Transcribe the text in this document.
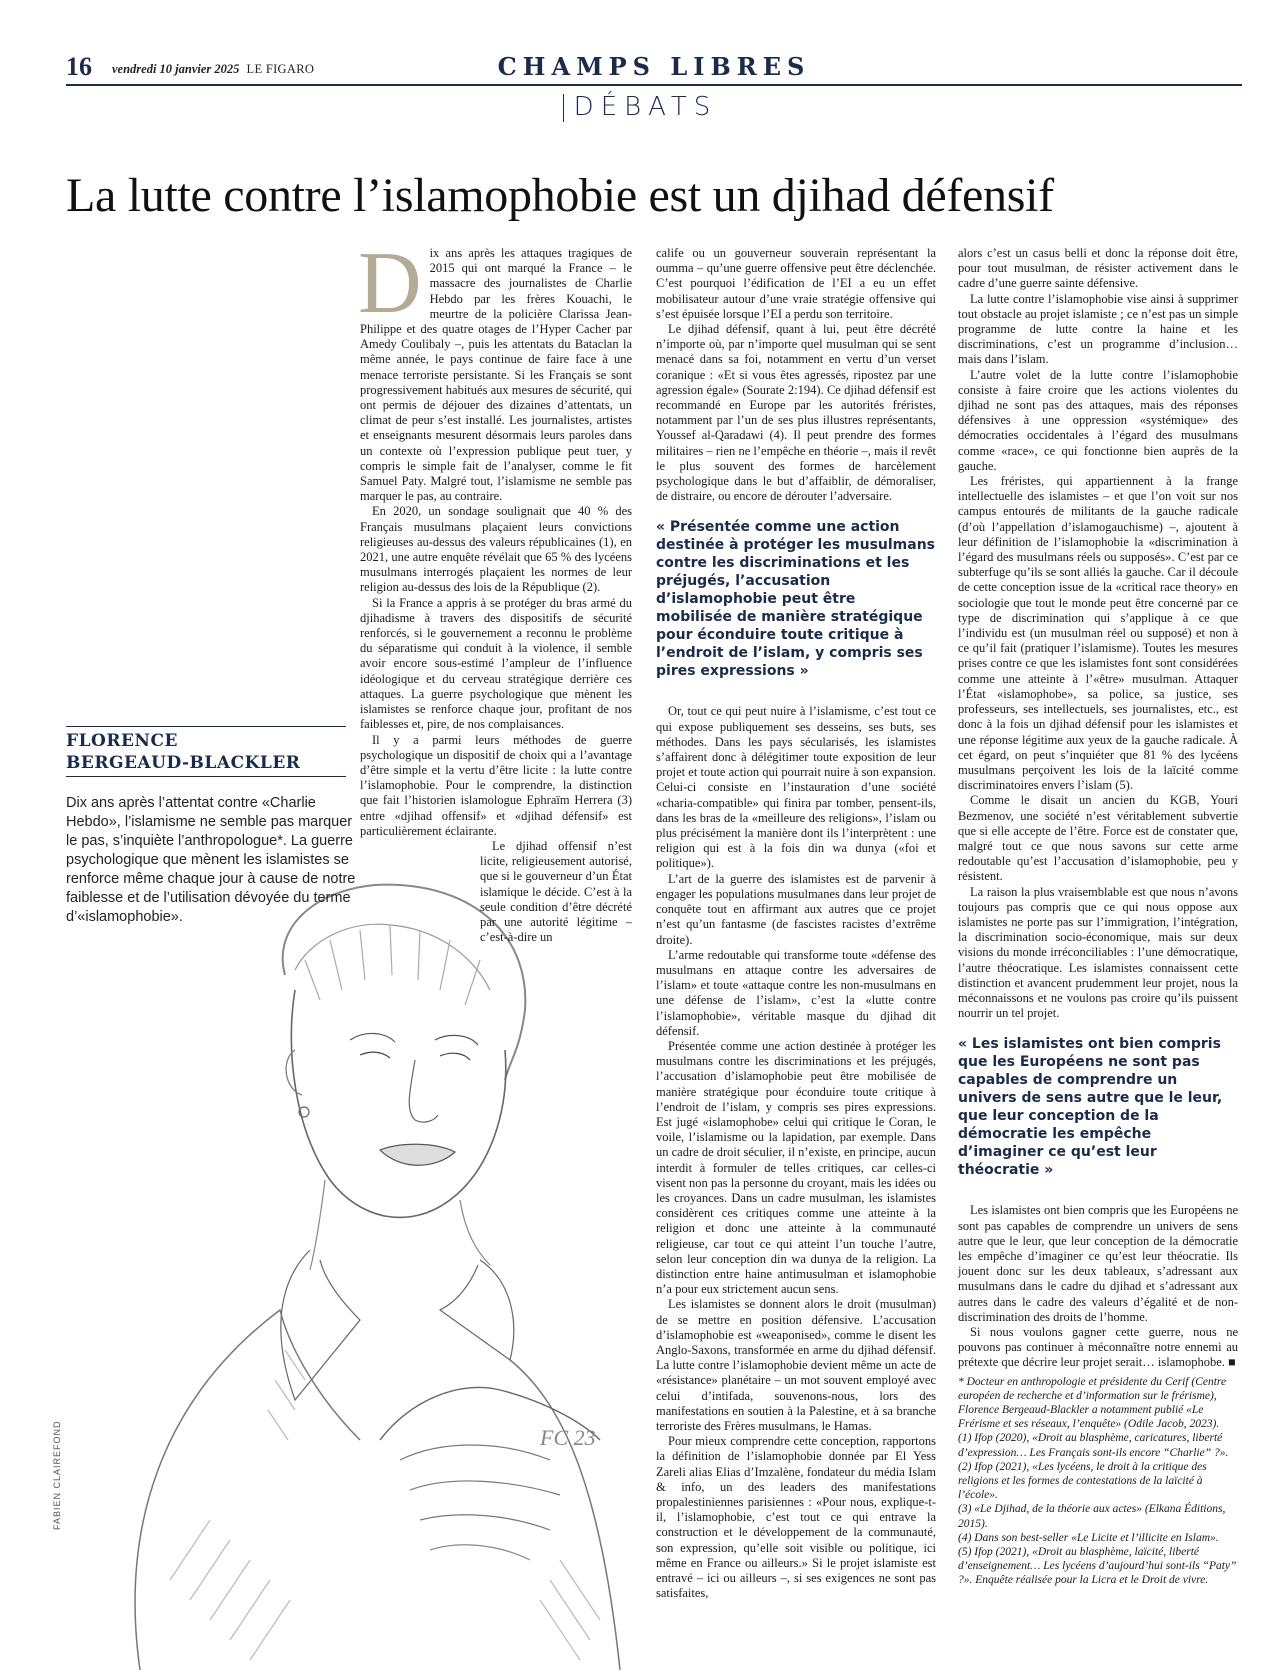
CHAMPS LIBRES
16 vendredi 10 janvier 2025 LE FIGARO
DÉBATS
La lutte contre l’islamophobie est un djihad défensif
FC 23
FABIEN CLAIREFOND
FLORENCE
BERGEAUD-BLACKLER
Dix ans après l’attentat contre «Charlie Hebdo», l’islamisme ne semble pas marquer le pas, s’inquiète l’anthropologue*. La guerre psychologique que mènent les islamistes se renforce même chaque jour à cause de notre faiblesse et de l’utilisation dévoyée du terme d’«islamophobie».

Dix ans après les attaques tragiques de 2015 qui ont marqué la France – le massacre des journalistes de Charlie Hebdo par les frères Kouachi, le meurtre de la policière Clarissa Jean-Philippe et des quatre otages de l’Hyper Cacher par Amedy Coulibaly –, puis les attentats du Bataclan la même année, le pays continue de faire face à une menace terroriste persistante. Si les Français se sont progressivement habitués aux mesures de sécurité, qui ont permis de déjouer des dizaines d’attentats, un climat de peur s’est installé. Les journalistes, artistes et enseignants mesurent désormais leurs paroles dans un contexte où l’expression publique peut tuer, y compris le simple fait de l’analyser, comme le fit Samuel Paty. Malgré tout, l’islamisme ne semble pas marquer le pas, au contraire.

En 2020, un sondage soulignait que 40 % des Français musulmans plaçaient leurs convictions religieuses au-dessus des valeurs républicaines (1), en 2021, une autre enquête révélait que 65 % des lycéens musulmans interrogés plaçaient les normes de leur religion au-dessus des lois de la République (2).

Si la France a appris à se protéger du bras armé du djihadisme à travers des dispositifs de sécurité renforcés, si le gouvernement a reconnu le problème du séparatisme qui conduit à la violence, il semble avoir encore sous-estimé l’ampleur de l’influence idéologique et du cerveau stratégique derrière ces attaques. La guerre psychologique que mènent les islamistes se renforce chaque jour, profitant de nos faiblesses et, pire, de nos complaisances.

Il y a parmi leurs méthodes de guerre psychologique un dispositif de choix qui a l’avantage d’être simple et la vertu d’être licite : la lutte contre l’islamophobie. Pour le comprendre, la distinction que fait l’historien islamologue Ephraïm Herrera (3) entre «djihad offensif» et «djihad défensif» est particulièrement éclairante.

Le djihad offensif n’est licite, religieusement autorisé, que si le gouverneur d’un État islamique le décide. C’est à la seule condition d’être décrété par une autorité légitime – c’est-à-dire un

calife ou un gouverneur souverain représentant la oumma – qu’une guerre offensive peut être déclenchée. C’est pourquoi l’édification de l’EI a eu un effet mobilisateur autour d’une vraie stratégie offensive qui s’est épuisée lorsque l’EI a perdu son territoire.

Le djihad défensif, quant à lui, peut être décrété n’importe où, par n’importe quel musulman qui se sent menacé dans sa foi, notamment en vertu d’un verset coranique : «Et si vous êtes agressés, ripostez par une agression égale» (Sourate 2:194). Ce djihad défensif est recommandé en Europe par les autorités fréristes, notamment par l’un de ses plus illustres représentants, Youssef al-Qaradawi (4). Il peut prendre des formes militaires – rien ne l’empêche en théorie –, mais il revêt le plus souvent des formes de harcèlement psychologique dans le but d’affaiblir, de démoraliser, de distraire, ou encore de dérouter l’adversaire.

« Présentée comme une action destinée à protéger les musulmans contre les discriminations et les préjugés, l’accusation d’islamophobie peut être mobilisée de manière stratégique pour éconduire toute critique à l’endroit de l’islam, y compris ses pires expressions »

Or, tout ce qui peut nuire à l’islamisme, c’est tout ce qui expose publiquement ses desseins, ses buts, ses méthodes. Dans les pays sécularisés, les islamistes s’affairent donc à délégitimer toute exposition de leur projet et toute action qui pourrait nuire à son expansion. Celui-ci consiste en l’instauration d’une société «charia-compatible» qui finira par tomber, pensent-ils, dans les bras de la «meilleure des religions», l’islam ou plus précisément la manière dont ils l’interprètent : une religion qui est à la fois din wa dunya («foi et politique»).

L’art de la guerre des islamistes est de parvenir à engager les populations musulmanes dans leur projet de conquête tout en affirmant aux autres que ce projet n’est qu’un fantasme (de fascistes racistes d’extrême droite).

L’arme redoutable qui transforme toute «défense des musulmans en attaque contre les adversaires de l’islam» et toute «attaque contre les non-musulmans en une défense de l’islam», c’est la «lutte contre l’islamophobie», véritable masque du djihad dit défensif.

Présentée comme une action destinée à protéger les musulmans contre les discriminations et les préjugés, l’accusation d’islamophobie peut être mobilisée de manière stratégique pour éconduire toute critique à l’endroit de l’islam, y compris ses pires expressions. Est jugé «islamophobe» celui qui critique le Coran, le voile, l’islamisme ou la lapidation, par exemple. Dans un cadre de droit séculier, il n’existe, en principe, aucun interdit à formuler de telles critiques, car celles-ci visent non pas la personne du croyant, mais les idées ou les croyances. Dans un cadre musulman, les islamistes considèrent ces critiques comme une atteinte à la religion et donc une atteinte à la communauté religieuse, car tout ce qui atteint l’un touche l’autre, selon leur conception din wa dunya de la religion. La distinction entre haine antimusulman et islamophobie n’a pour eux strictement aucun sens.

Les islamistes se donnent alors le droit (musulman) de se mettre en position défensive. L’accusation d’islamophobie est «weaponised», comme le disent les Anglo-Saxons, transformée en arme du djihad défensif. La lutte contre l’islamophobie devient même un acte de «résistance» planétaire – un mot souvent employé avec celui d’intifada, souvenons-nous, lors des manifestations en soutien à la Palestine, et à sa branche terroriste des Frères musulmans, le Hamas.

Pour mieux comprendre cette conception, rapportons la définition de l’islamophobie donnée par El Yess Zareli alias Elias d’Imzalène, fondateur du média Islam & info, un des leaders des manifestations propalestiniennes parisiennes : «Pour nous, explique-t-il, l’islamophobie, c’est tout ce qui entrave la construction et le développement de la communauté, son expression, qu’elle soit visible ou politique, ici même en France ou ailleurs.» Si le projet islamiste est entravé – ici ou ailleurs –, si ses exigences ne sont pas satisfaites,

alors c’est un casus belli et donc la réponse doit être, pour tout musulman, de résister activement dans le cadre d’une guerre sainte défensive.

La lutte contre l’islamophobie vise ainsi à supprimer tout obstacle au projet islamiste ; ce n’est pas un simple programme de lutte contre la haine et les discriminations, c’est un programme d’inclusion… mais dans l’islam.

L’autre volet de la lutte contre l’islamophobie consiste à faire croire que les actions violentes du djihad ne sont pas des attaques, mais des réponses défensives à une oppression «systémique» des démocraties occidentales à l’égard des musulmans comme «race», ce qui fonctionne bien auprès de la gauche.

Les fréristes, qui appartiennent à la frange intellectuelle des islamistes – et que l’on voit sur nos campus entourés de militants de la gauche radicale (d’où l’appellation d’islamogauchisme) –, ajoutent à leur définition de l’islamophobie la «discrimination à l’égard des musulmans réels ou supposés». C’est par ce subterfuge qu’ils se sont alliés la gauche. Car il découle de cette conception issue de la «critical race theory» en sociologie que tout le monde peut être concerné par ce type de discrimination qui s’applique à ce que l’individu est (un musulman réel ou supposé) et non à ce qu’il fait (pratiquer l’islamisme). Toutes les mesures prises contre ce que les islamistes font sont considérées comme une atteinte à l’«être» musulman. Attaquer l’État «islamophobe», sa police, sa justice, ses professeurs, ses intellectuels, ses journalistes, etc., est donc à la fois un djihad défensif pour les islamistes et une réponse légitime aux yeux de la gauche radicale. À cet égard, on peut s’inquiéter que 81 % des lycéens musulmans perçoivent les lois de la laïcité comme discriminatoires envers l’islam (5).

Comme le disait un ancien du KGB, Youri Bezmenov, une société n’est véritablement subvertie que si elle accepte de l’être. Force est de constater que, malgré tout ce que nous savons sur cette arme redoutable qu’est l’accusation d’islamophobie, peu y résistent.

La raison la plus vraisemblable est que nous n’avons toujours pas compris que ce qui nous oppose aux islamistes ne porte pas sur l’immigration, l’intégration, la discrimination socio-économique, mais sur deux visions du monde irréconciliables : l’une démocratique, l’autre théocratique. Les islamistes connaissent cette distinction et avancent prudemment leur projet, nous la méconnaissons et ne voulons pas croire qu’ils puissent nourrir un tel projet.

« Les islamistes ont bien compris que les Européens ne sont pas capables de comprendre un univers de sens autre que le leur, que leur conception de la démocratie les empêche d’imaginer ce qu’est leur théocratie »

Les islamistes ont bien compris que les Européens ne sont pas capables de comprendre un univers de sens autre que le leur, que leur conception de la démocratie les empêche d’imaginer ce qu’est leur théocratie. Ils jouent donc sur les deux tableaux, s’adressant aux musulmans dans le cadre du djihad et s’adressant aux autres dans le cadre des valeurs d’égalité et de non-discrimination des droits de l’homme.

Si nous voulons gagner cette guerre, nous ne pouvons pas continuer à méconnaître notre ennemi au prétexte que décrire leur projet serait… islamophobe. ■

* Docteur en anthropologie et présidente du Cerif (Centre européen de recherche et d’information sur le frérisme), Florence Bergeaud-Blackler a notamment publié «Le Frérisme et ses réseaux, l’enquête» (Odile Jacob, 2023).
(1) Ifop (2020), «Droit au blasphème, caricatures, liberté d’expression… Les Français sont-ils encore “Charlie” ?».
(2) Ifop (2021), «Les lycéens, le droit à la critique des religions et les formes de contestations de la laïcité à l’école».
(3) «Le Djihad, de la théorie aux actes» (Elkana Éditions, 2015).
(4) Dans son best-seller «Le Licite et l’illicite en Islam».
(5) Ifop (2021), «Droit au blasphème, laïcité, liberté d’enseignement… Les lycéens d’aujourd’hui sont-ils “Paty” ?». Enquête réalisée pour la Licra et le Droit de vivre.
